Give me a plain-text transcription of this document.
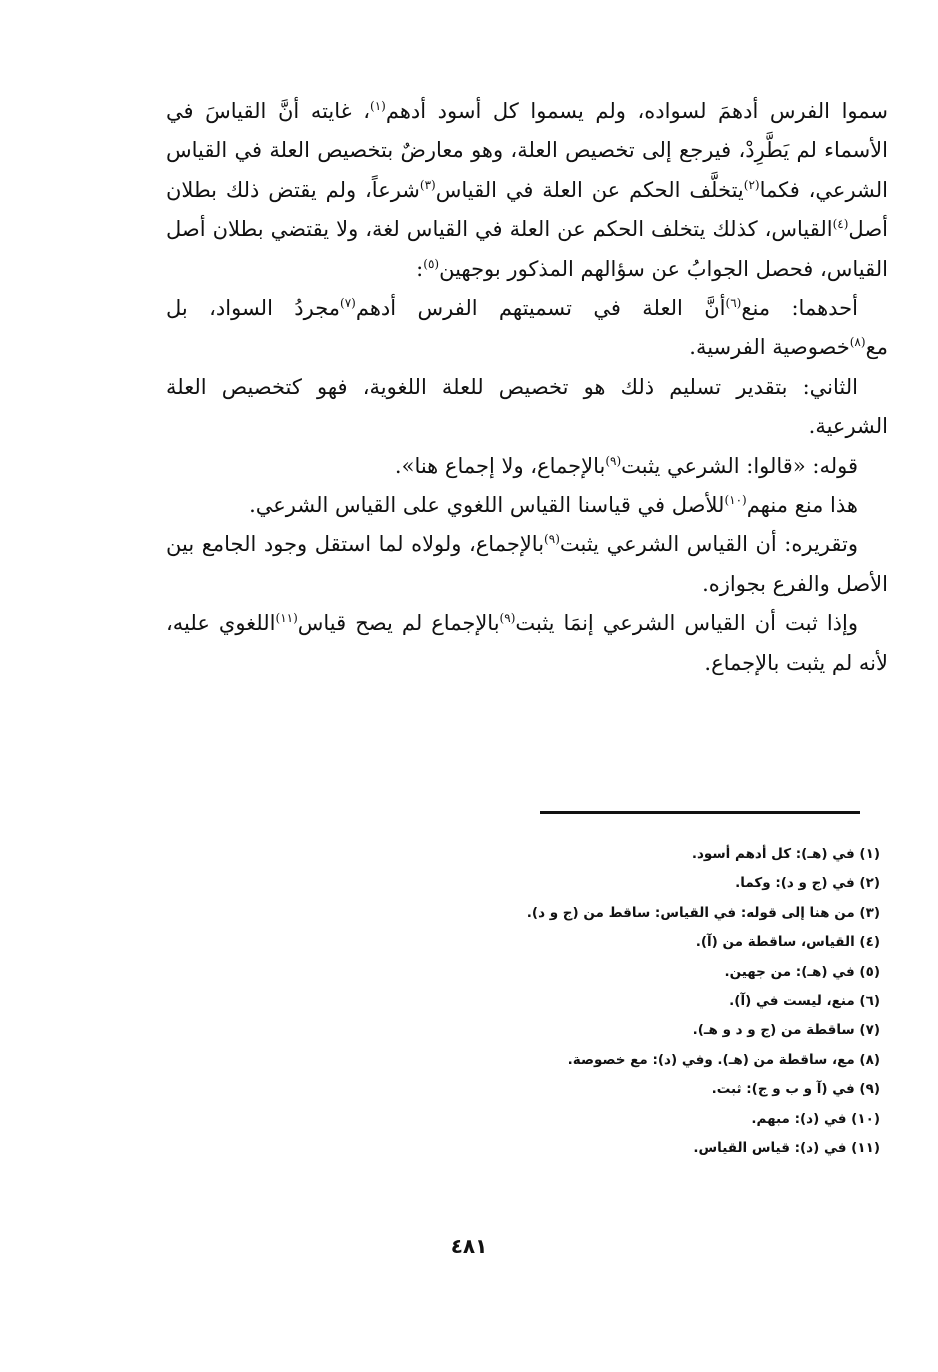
سموا الفرس أدهمَ لسواده، ولم يسموا كل أسود أدهم$^{(١)}$، غايته أنَّ القياسَ في الأسماء لم يَطَّرِدْ، فيرجع إلى تخصيص العلة، وهو معارضٌ بتخصيص العلة في القياس الشرعي، فكما$^{(٢)}$يتخلَّف الحكم عن العلة في القياس$^{(٣)}$شرعاً، ولم يقتض ذلك بطلان أصل$^{(٤)}$القياس، كذلك يتخلف الحكم عن العلة في القياس لغة، ولا يقتضي بطلان أصل القياس، فحصل الجوابُ عن سؤالهم المذكور بوجهين$^{(٥)}$:

أحدهما: منع$^{(٦)}$أنَّ العلة في تسميتهم الفرس أدهم$^{(٧)}$مجردُ السواد، بل مع$^{(٨)}$خصوصية الفرسية.

الثاني: بتقدير تسليم ذلك هو تخصيص للعلة اللغوية، فهو كتخصيص العلة الشرعية.

قوله: «قالوا: الشرعي يثبت$^{(٩)}$بالإجماع، ولا إجماع هنا».

هذا منع منهم$^{(١٠)}$للأصل في قياسنا القياس اللغوي على القياس الشرعي.

وتقريره: أن القياس الشرعي يثبت$^{(٩)}$بالإجماع، ولولاه لما استقل وجود الجامع بين الأصل والفرع بجوازه.

وإذا ثبت أن القياس الشرعي إنمَا يثبت$^{(٩)}$بالإجماع لم يصح قياس$^{(١١)}$اللغوي عليه، لأنه لم يثبت بالإجماع.

(١) في (هـ): كل أدهم أسود.
(٢) في (ج و د): وكما.
(٣) من هنا إلى قوله: في القياس: ساقط من (ج و د).
(٤) القياس، ساقطة من (آ).
(٥) في (هـ): من جهين.
(٦) منع، ليست في (آ).
(٧) ساقطة من (ج و د و هـ).
(٨) مع، ساقطة من (هـ). وفي (د): مع خصوصة.
(٩) في (آ و ب و ج): ثبت.
(١٠) في (د): مبهم.
(١١) في (د): قياس القياس.
٤٨١
